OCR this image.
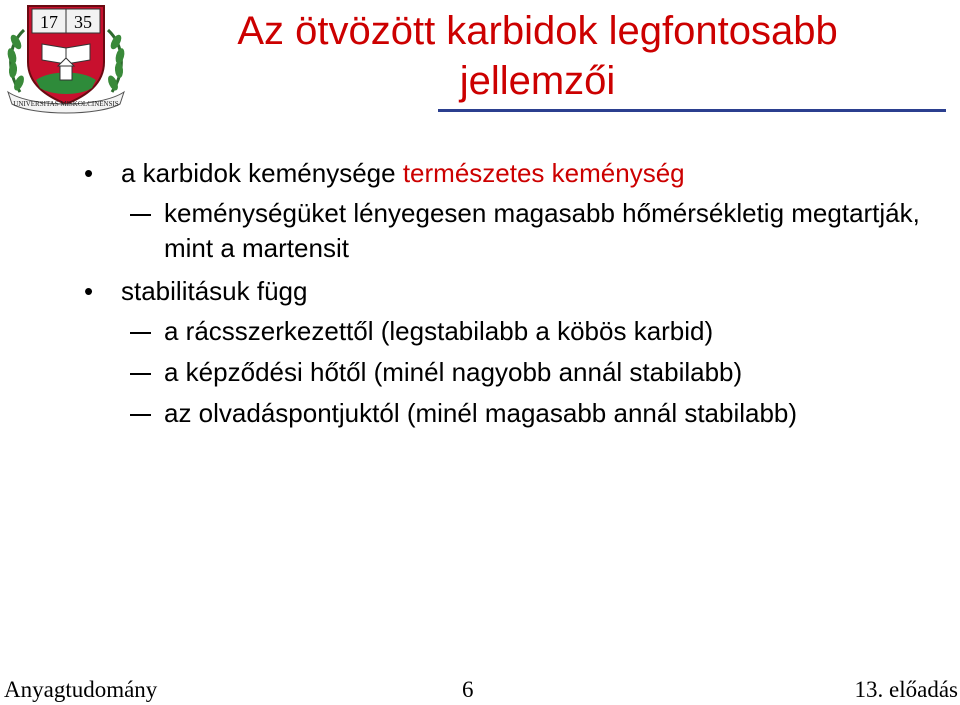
17 35
UNIVERSITAS MISKOLCINENSIS
Az ötvözött karbidok legfontosabb
jellemzői
• a karbidok keménysége természetes keménység
keménységüket lényegesen magasabb hőmérsékletig megtartják, mint a martensit
• stabilitásuk függ
a rácsszerkezettől (legstabilabb a köbös karbid)
a képződési hőtől (minél nagyobb annál stabilabb)
az olvadáspontjuktól (minél magasabb annál stabilabb)
Anyagtudomány	6	13. előadás
